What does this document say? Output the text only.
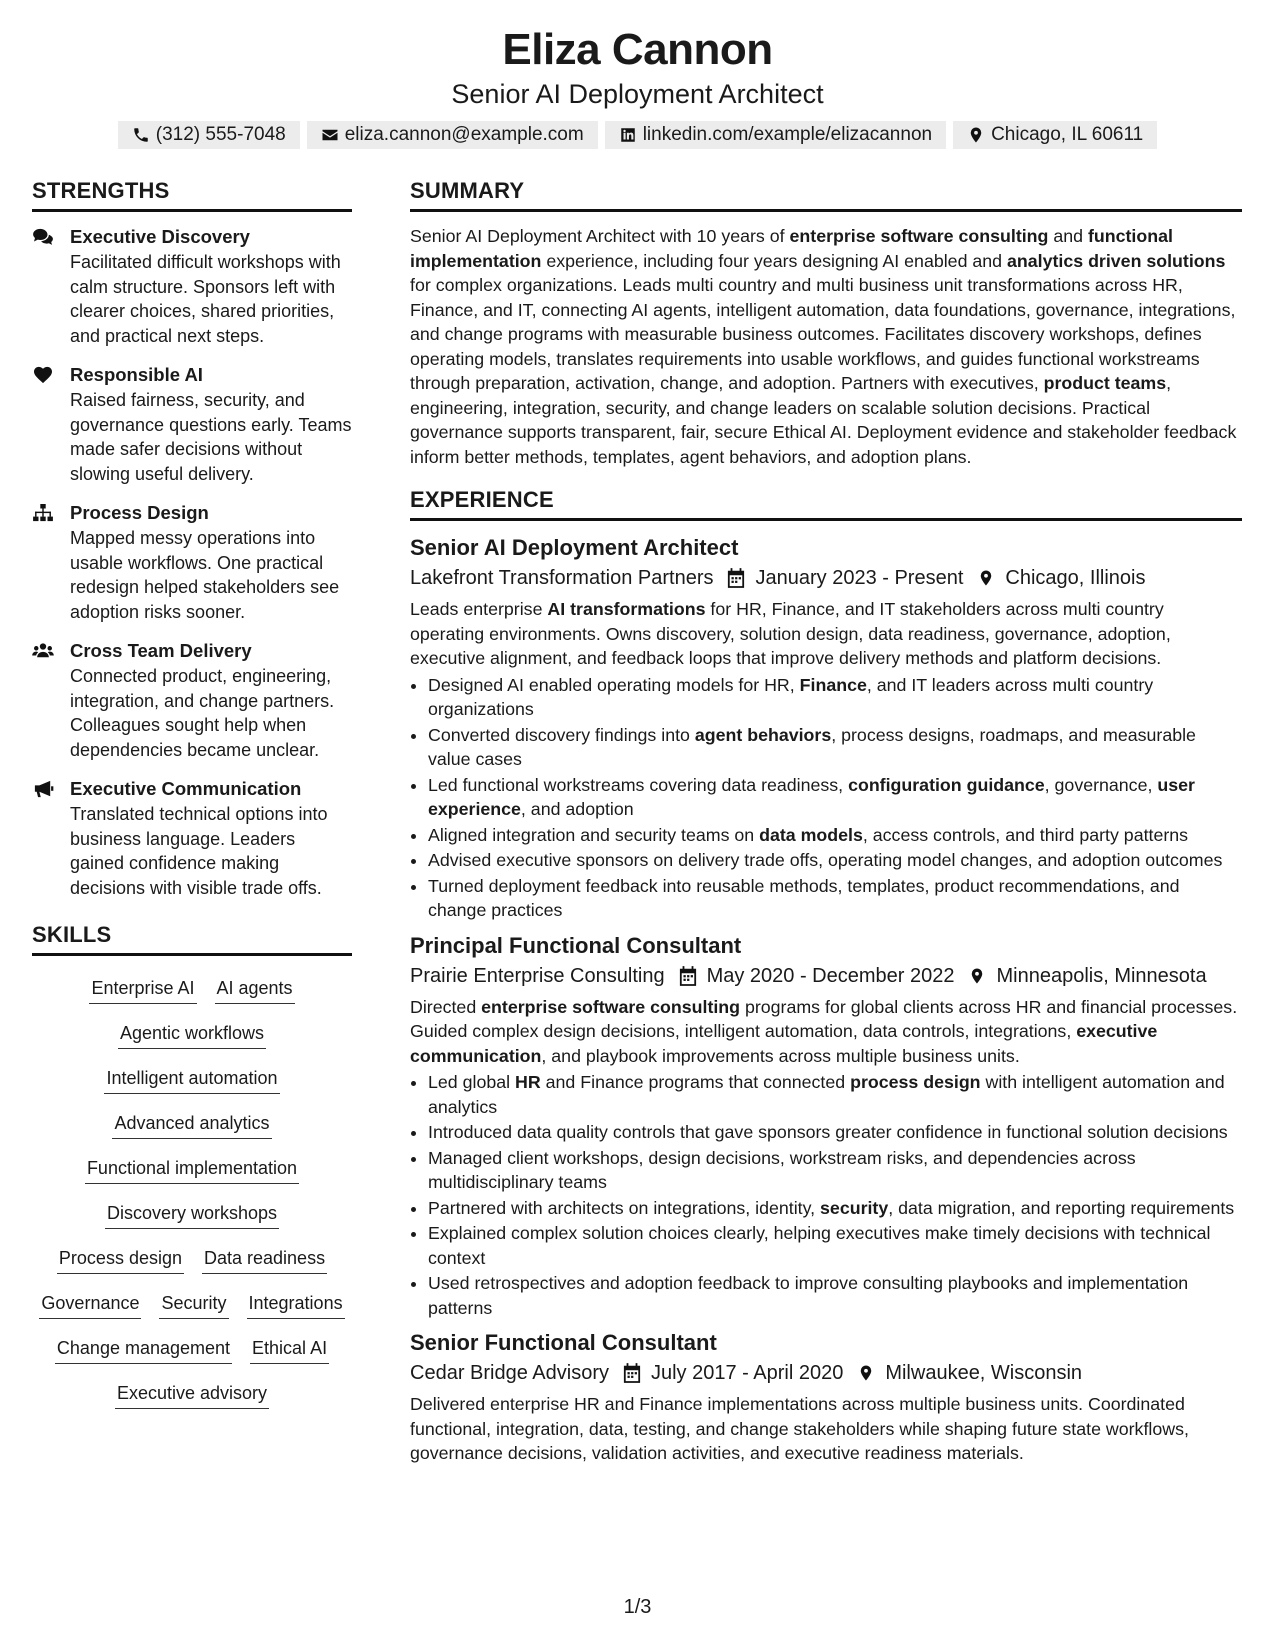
Eliza Cannon
Senior AI Deployment Architect
(312) 555-7048	eliza.cannon@example.com	linkedin.com/example/elizacannon	Chicago, IL 60611
STRENGTHS
Executive Discovery
Facilitated difficult workshops with calm structure. Sponsors left with clearer choices, shared priorities, and practical next steps.
Responsible AI
Raised fairness, security, and governance questions early. Teams made safer decisions without slowing useful delivery.
Process Design
Mapped messy operations into usable workflows. One practical redesign helped stakeholders see adoption risks sooner.
Cross Team Delivery
Connected product, engineering, integration, and change partners. Colleagues sought help when dependencies became unclear.
Executive Communication
Translated technical options into business language. Leaders gained confidence making decisions with visible trade offs.
SKILLS
Enterprise AI AI agents
Agentic workflows
Intelligent automation
Advanced analytics
Functional implementation
Discovery workshops
Process design Data readiness
Governance Security Integrations
Change management Ethical AI
Executive advisory
SUMMARY
Senior AI Deployment Architect with 10 years of enterprise software consulting and functional implementation experience, including four years designing AI enabled and analytics driven solutions for complex organizations. Leads multi country and multi business unit transformations across HR, Finance, and IT, connecting AI agents, intelligent automation, data foundations, governance, integrations, and change programs with measurable business outcomes. Facilitates discovery workshops, defines operating models, translates requirements into usable workflows, and guides functional workstreams through preparation, activation, change, and adoption. Partners with executives, product teams, engineering, integration, security, and change leaders on scalable solution decisions. Practical governance supports transparent, fair, secure Ethical AI. Deployment evidence and stakeholder feedback inform better methods, templates, agent behaviors, and adoption plans.
EXPERIENCE
Senior AI Deployment Architect
Lakefront Transformation Partners January 2023 - Present Chicago, Illinois
Leads enterprise AI transformations for HR, Finance, and IT stakeholders across multi country operating environments. Owns discovery, solution design, data readiness, governance, adoption, executive alignment, and feedback loops that improve delivery methods and platform decisions.
• Designed AI enabled operating models for HR, Finance, and IT leaders across multi country organizations
• Converted discovery findings into agent behaviors, process designs, roadmaps, and measurable value cases
• Led functional workstreams covering data readiness, configuration guidance, governance, user experience, and adoption
• Aligned integration and security teams on data models, access controls, and third party patterns
• Advised executive sponsors on delivery trade offs, operating model changes, and adoption outcomes
• Turned deployment feedback into reusable methods, templates, product recommendations, and change practices
Principal Functional Consultant
Prairie Enterprise Consulting May 2020 - December 2022 Minneapolis, Minnesota
Directed enterprise software consulting programs for global clients across HR and financial processes. Guided complex design decisions, intelligent automation, data controls, integrations, executive communication, and playbook improvements across multiple business units.
• Led global HR and Finance programs that connected process design with intelligent automation and analytics
• Introduced data quality controls that gave sponsors greater confidence in functional solution decisions
• Managed client workshops, design decisions, workstream risks, and dependencies across multidisciplinary teams
• Partnered with architects on integrations, identity, security, data migration, and reporting requirements
• Explained complex solution choices clearly, helping executives make timely decisions with technical context
• Used retrospectives and adoption feedback to improve consulting playbooks and implementation patterns
Senior Functional Consultant
Cedar Bridge Advisory July 2017 - April 2020 Milwaukee, Wisconsin
Delivered enterprise HR and Finance implementations across multiple business units. Coordinated functional, integration, data, testing, and change stakeholders while shaping future state workflows, governance decisions, validation activities, and executive readiness materials.
1/3
